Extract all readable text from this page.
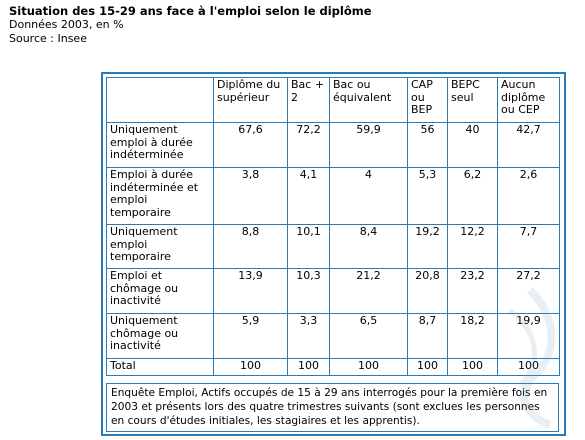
Situation des 15-29 ans face à l'emploi selon le diplôme
Données 2003, en %
Source : Insee
	Diplôme du supérieur	Bac + 2	Bac ou équivalent	CAP ou BEP	BEPC seul	Aucun diplôme ou CEP
Uniquement emploi à durée indéterminée	67,6	72,2	59,9	56	40	42,7
Emploi à durée indéterminée et emploi temporaire	3,8	4,1	4	5,3	6,2	2,6
Uniquement emploi temporaire	8,8	10,1	8,4	19,2	12,2	7,7
Emploi et chômage ou inactivité	13,9	10,3	21,2	20,8	23,2	27,2
Uniquement chômage ou inactivité	5,9	3,3	6,5	8,7	18,2	19,9
Total	100	100	100	100	100	100
Enquête Emploi, Actifs occupés de 15 à 29 ans interrogés pour la première fois en 2003 et présents lors des quatre trimestres suivants (sont exclues les personnes en cours d'études initiales, les stagiaires et les apprentis).
